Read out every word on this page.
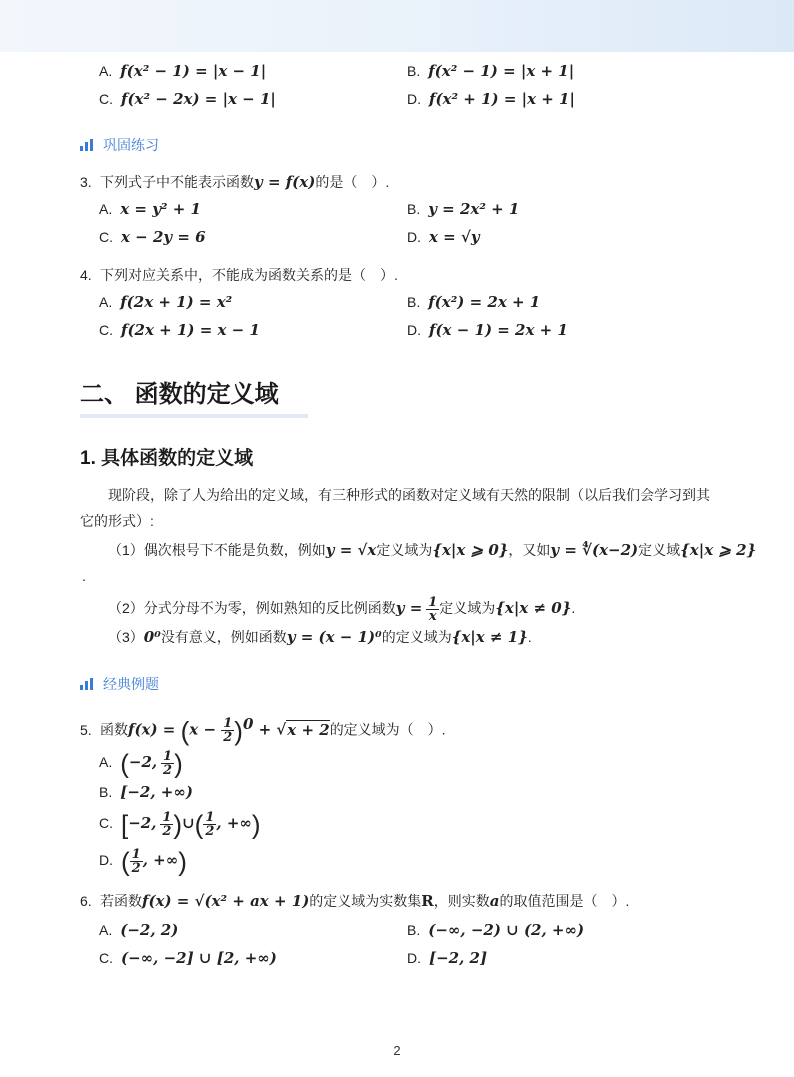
A. f(x² − 1) = |x − 1|	B. f(x² − 1) = |x + 1|
C. f(x² − 2x) = |x − 1|	D. f(x² + 1) = |x + 1|
巩固练习
3. 下列式子中不能表示函数y = f(x)的是（　）.
A. x = y² + 1	B. y = 2x² + 1
C. x − 2y = 6	D. x = √y
4. 下列对应关系中，不能成为函数关系的是（　）.
A. f(2x + 1) = x²	B. f(x²) = 2x + 1
C. f(2x + 1) = x − 1	D. f(x − 1) = 2x + 1
二、 函数的定义域
1. 具体函数的定义域
现阶段，除了人为给出的定义域，有三种形式的函数对定义域有天然的限制（以后我们会学习到其
它的形式）:
（1）偶次根号下不能是负数，例如y = √x定义域为{x|x ⩾ 0}，又如y = ∜(x−2)定义域{x|x ⩾ 2}
.
（2）分式分母不为零，例如熟知的反比例函数$y = \frac{1}{x}$ 定义域为{x|x ≠ 0}.
（3）0⁰没有意义，例如函数y = (x − 1)⁰的定义域为{x|x ≠ 1}.
经典例题
5. 函数$f(x) = (x - \frac{1}{2} )^0 + √x + 2$的定义域为（　）.
A. (−2, $\frac{1}{2}$ )
B. [−2, +∞)
C. [−2, $\frac{1}{2}$ )∪( $\frac{1}{2}$ , +∞)
D. ( $\frac{1}{2}$ , +∞)
6. 若函数f(x) = √(x² + ax + 1)的定义域为实数集R，则实数a的取值范围是（　）.
A. (−2, 2)	B. (−∞, −2) ∪ (2, +∞)
C. (−∞, −2] ∪ [2, +∞)	D. [−2, 2]
2
